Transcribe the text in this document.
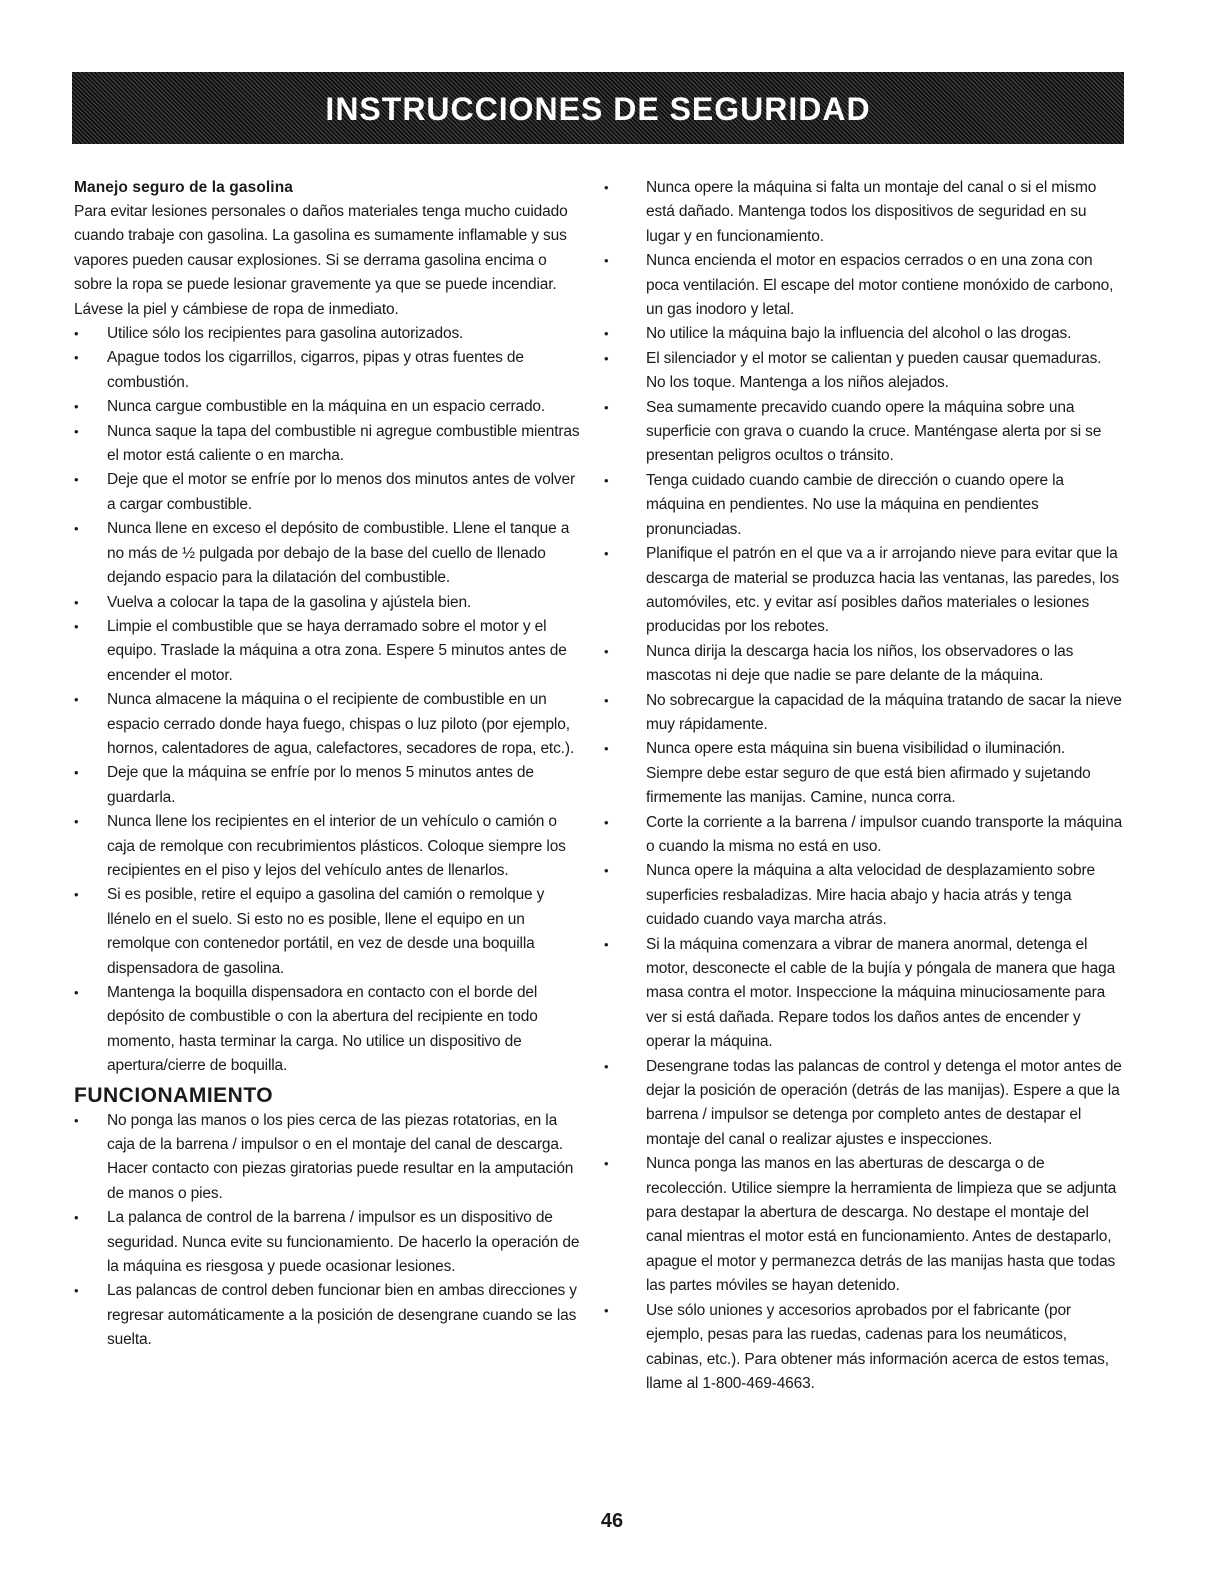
INSTRUCCIONES DE SEGURIDAD

Manejo seguro de la gasolina

Para evitar lesiones personales o daños materiales tenga mucho cuidado cuando trabaje con gasolina. La gasolina es sumamente inflamable y sus vapores pueden causar explosiones. Si se derrama gasolina encima o sobre la ropa se puede lesionar gravemente ya que se puede incendiar. Lávese la piel y cámbiese de ropa de inmediato.

•	Utilice sólo los recipientes para gasolina autorizados.
•	Apague todos los cigarrillos, cigarros, pipas y otras fuentes de combustión.
•	Nunca cargue combustible en la máquina en un espacio cerrado.
•	Nunca saque la tapa del combustible ni agregue combustible mientras el motor está caliente o en marcha.
•	Deje que el motor se enfríe por lo menos dos minutos antes de volver a cargar combustible.
•	Nunca llene en exceso el depósito de combustible. Llene el tanque a no más de ½ pulgada por debajo de la base del cuello de llenado dejando espacio para la dilatación del combustible.
•	Vuelva a colocar la tapa de la gasolina y ajústela bien.
•	Limpie el combustible que se haya derramado sobre el motor y el equipo. Traslade la máquina a otra zona. Espere 5 minutos antes de encender el motor.
•	Nunca almacene la máquina o el recipiente de combustible en un espacio cerrado donde haya fuego, chispas o luz piloto (por ejemplo, hornos, calentadores de agua, calefactores, secadores de ropa, etc.).
•	Deje que la máquina se enfríe por lo menos 5 minutos antes de guardarla.
•	Nunca llene los recipientes en el interior de un vehículo o camión o caja de remolque con recubrimientos plásticos. Coloque siempre los recipientes en el piso y lejos del vehículo antes de llenarlos.
•	Si es posible, retire el equipo a gasolina del camión o remolque y llénelo en el suelo. Si esto no es posible, llene el equipo en un remolque con contenedor portátil, en vez de desde una boquilla dispensadora de gasolina.
•	Mantenga la boquilla dispensadora en contacto con el borde del depósito de combustible o con la abertura del recipiente en todo momento, hasta terminar la carga. No utilice un dispositivo de apertura/cierre de boquilla.
FUNCIONAMIENTO
•	No ponga las manos o los pies cerca de las piezas rotatorias, en la caja de la barrena / impulsor o en el montaje del canal de descarga. Hacer contacto con piezas giratorias puede resultar en la amputación de manos o pies.
•	La palanca de control de la barrena / impulsor es un dispositivo de seguridad. Nunca evite su funcionamiento. De hacerlo la operación de la máquina es riesgosa y puede ocasionar lesiones.
•	Las palancas de control deben funcionar bien en ambas direcciones y regresar automáticamente a la posición de desengrane cuando se las suelta.
•	Nunca opere la máquina si falta un montaje del canal o si el mismo está dañado. Mantenga todos los dispositivos de seguridad en su lugar y en funcionamiento.
•	Nunca encienda el motor en espacios cerrados o en una zona con poca ventilación. El escape del motor contiene monóxido de carbono, un gas inodoro y letal.
•	No utilice la máquina bajo la influencia del alcohol o las drogas.
•	El silenciador y el motor se calientan y pueden causar quemaduras. No los toque. Mantenga a los niños alejados.
•	Sea sumamente precavido cuando opere la máquina sobre una superficie con grava o cuando la cruce. Manténgase alerta por si se presentan peligros ocultos o tránsito.
•	Tenga cuidado cuando cambie de dirección o cuando opere la máquina en pendientes. No use la máquina en pendientes pronunciadas.
•	Planifique el patrón en el que va a ir arrojando nieve para evitar que la descarga de material se produzca hacia las ventanas, las paredes, los automóviles, etc. y evitar así posibles daños materiales o lesiones producidas por los rebotes.
•	Nunca dirija la descarga hacia los niños, los observadores o las mascotas ni deje que nadie se pare delante de la máquina.
•	No sobrecargue la capacidad de la máquina tratando de sacar la nieve muy rápidamente.
•	Nunca opere esta máquina sin buena visibilidad o iluminación. Siempre debe estar seguro de que está bien afirmado y sujetando firmemente las manijas. Camine, nunca corra.
•	Corte la corriente a la barrena / impulsor cuando transporte la máquina o cuando la misma no está en uso.
•	Nunca opere la máquina a alta velocidad de desplazamiento sobre superficies resbaladizas. Mire hacia abajo y hacia atrás y tenga cuidado cuando vaya marcha atrás.
•	Si la máquina comenzara a vibrar de manera anormal, detenga el motor, desconecte el cable de la bujía y póngala de manera que haga masa contra el motor. Inspeccione la máquina minuciosamente para ver si está dañada. Repare todos los daños antes de encender y operar la máquina.
•	Desengrane todas las palancas de control y detenga el motor antes de dejar la posición de operación (detrás de las manijas). Espere a que la barrena / impulsor se detenga por completo antes de destapar el montaje del canal o realizar ajustes e inspecciones.
•	Nunca ponga las manos en las aberturas de descarga o de recolección. Utilice siempre la herramienta de limpieza que se adjunta para destapar la abertura de descarga. No destape el montaje del canal mientras el motor está en funcionamiento. Antes de destaparlo, apague el motor y permanezca detrás de las manijas hasta que todas las partes móviles se hayan detenido.
•	Use sólo uniones y accesorios aprobados por el fabricante (por ejemplo, pesas para las ruedas, cadenas para los neumáticos, cabinas, etc.). Para obtener más información acerca de estos temas, llame al 1-800-469-4663.
46
